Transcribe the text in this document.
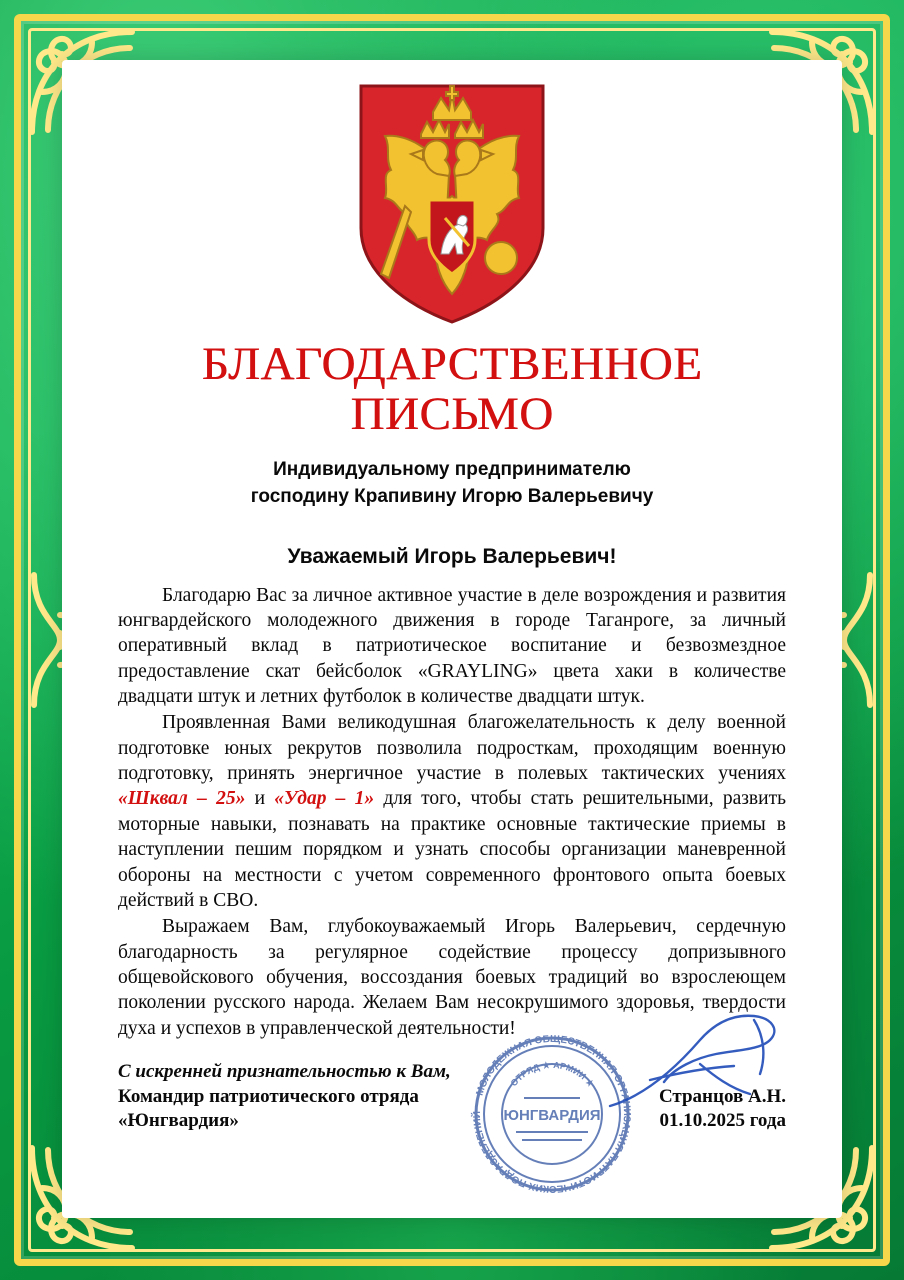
БЛАГОДАРСТВЕННОЕ
ПИСЬМО
Индивидуальному предпринимателю
господину Крапивину Игорю Валерьевичу
Уважаемый Игорь Валерьевич!

Благодарю Вас за личное активное участие в деле возрождения и развития юнгвардейского молодежного движения в городе Таганроге, за личный оперативный вклад в патриотическое воспитание и безвозмездное предоставление скат бейсболок «GRAYLING» цвета хаки в количестве двадцати штук и летних футболок в количестве двадцати штук.

Проявленная Вами великодушная благожелательность к делу военной подготовке юных рекрутов позволила подросткам, проходящим военную подготовку, принять энергичное участие в полевых тактических учениях «Шквал – 25» и «Удар – 1» для того, чтобы стать решительными, развить моторные навыки, познавать на практике основные тактические приемы в наступлении пешим порядком и узнать способы организации маневренной обороны на местности с учетом современного фронтового опыта боевых действий в СВО.

Выражаем Вам, глубокоуважаемый Игорь Валерьевич, сердечную благодарность за регулярное содействие процессу допризывного общевойскового обучения, воссоздания боевых традиций во взрослеющем поколении русского народа. Желаем Вам несокрушимого здоровья, твердости духа и успехов в управленческой деятельности!

МОЛОДЕЖНАЯ ОБЩЕСТВЕННАЯ ОРГАНИЗАЦИЯ ПАТРИОТИЧЕСКИХ ПОДРАЗДЕЛЕНИЙ
ОТРЯД ★ АРМИИ ★
ЮНГВАРДИЯ
С искренней признательностью к Вам,
Командир патриотического отряда
«Юнгвардия»
Странцов А.Н.
01.10.2025 года
